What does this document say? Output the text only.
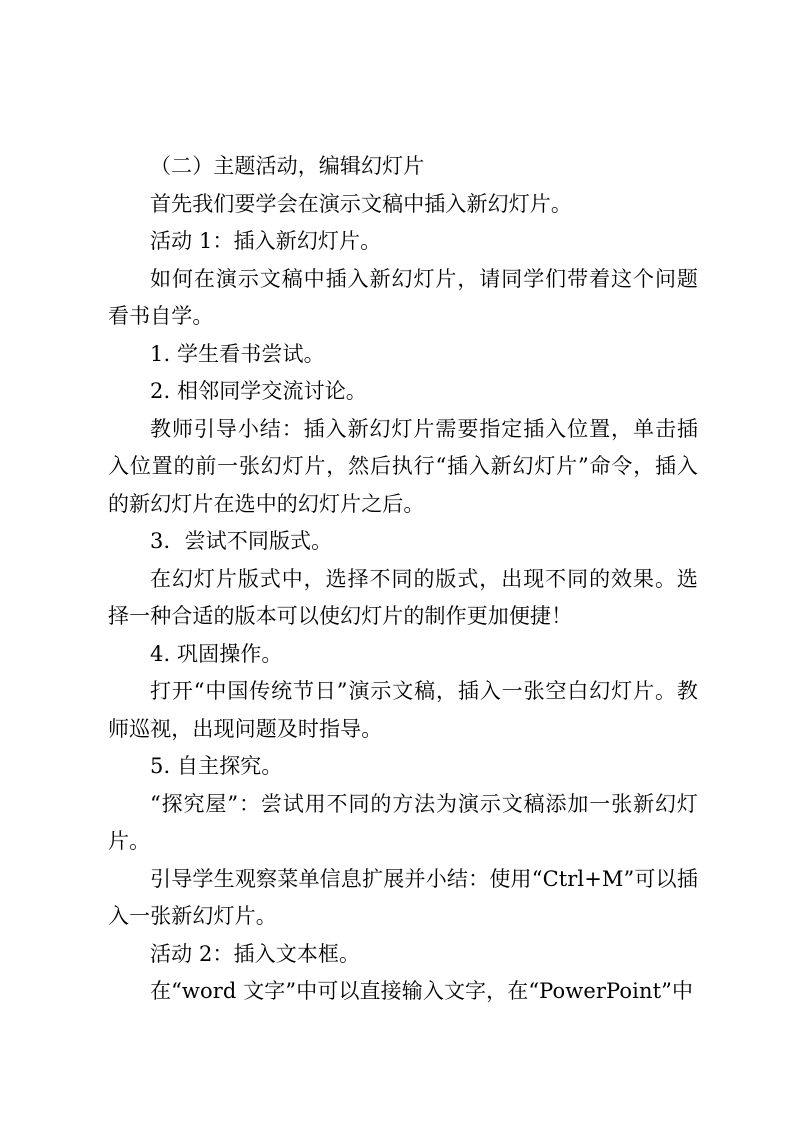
（二）主题活动，编辑幻灯片

首先我们要学会在演示文稿中插入新幻灯片。

活动 1：插入新幻灯片。

如何在演示文稿中插入新幻灯片，请同学们带着这个问题看书自学。

1. 学生看书尝试。

2. 相邻同学交流讨论。

教师引导小结：插入新幻灯片需要指定插入位置，单击插入位置的前一张幻灯片，然后执行“插入新幻灯片”命令，插入的新幻灯片在选中的幻灯片之后。

3．尝试不同版式。

在幻灯片版式中，选择不同的版式，出现不同的效果。选择一种合适的版本可以使幻灯片的制作更加便捷！

4. 巩固操作。

打开“中国传统节日”演示文稿，插入一张空白幻灯片。教师巡视，出现问题及时指导。

5. 自主探究。

“探究屋”：尝试用不同的方法为演示文稿添加一张新幻灯片。

引导学生观察菜单信息扩展并小结：使用“Ctrl+M”可以插入一张新幻灯片。

活动 2：插入文本框。

在“word 文字”中可以直接输入文字，在“PowerPoint”中
